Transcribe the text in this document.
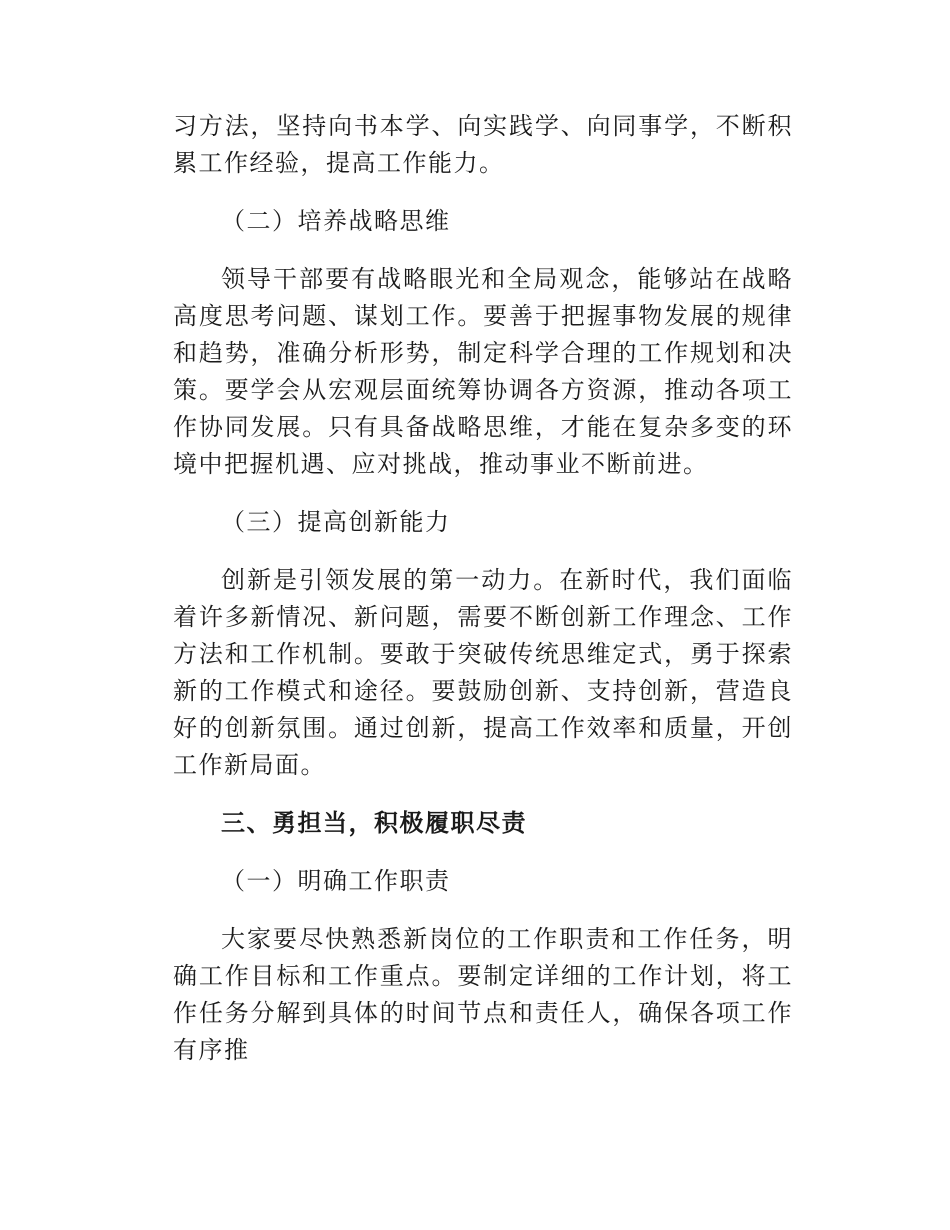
习方法，坚持向书本学、向实践学、向同事学，不断积累工作经验，提高工作能力。

（二）培养战略思维

领导干部要有战略眼光和全局观念，能够站在战略高度思考问题、谋划工作。要善于把握事物发展的规律和趋势，准确分析形势，制定科学合理的工作规划和决策。要学会从宏观层面统筹协调各方资源，推动各项工作协同发展。只有具备战略思维，才能在复杂多变的环境中把握机遇、应对挑战，推动事业不断前进。

（三）提高创新能力

创新是引领发展的第一动力。在新时代，我们面临着许多新情况、新问题，需要不断创新工作理念、工作方法和工作机制。要敢于突破传统思维定式，勇于探索新的工作模式和途径。要鼓励创新、支持创新，营造良好的创新氛围。通过创新，提高工作效率和质量，开创工作新局面。

三、勇担当，积极履职尽责

（一）明确工作职责

大家要尽快熟悉新岗位的工作职责和工作任务，明确工作目标和工作重点。要制定详细的工作计划，将工作任务分解到具体的时间节点和责任人，确保各项工作有序推
